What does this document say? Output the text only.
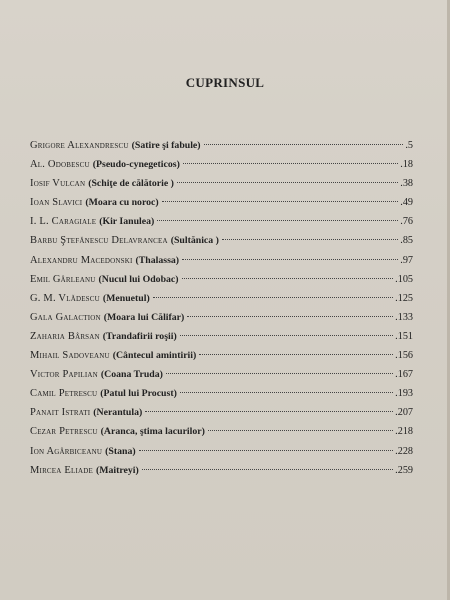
CUPRINSUL
Grigore Alexandrescu (Satire şi fabule)	.5
Al. Odobescu (Pseudo-cynegeticos)	.18
Iosif Vulcan (Schiţe de călătorie )	.38
Ioan Slavici (Moara cu noroc)	.49
I. L. Caragiale (Kir Ianulea)	.76
Barbu Ştefănescu Delavrancea (Sultănica )	.85
Alexandru Macedonski (Thalassa)	.97
Emil Gârleanu (Nucul lui Odobac)	.105
G. M. Vlădescu (Menuetul)	.125
Gala Galaction (Moara lui Călifar)	.133
Zaharia Bârsan (Trandafirii roşii)	.151
Mihail Sadoveanu (Cântecul amintirii)	.156
Victor Papilian (Coana Truda)	.167
Camil Petrescu (Patul lui Procust)	.193
Panait Istrati (Nerantula)	.207
Cezar Petrescu (Aranca, ştima lacurilor)	.218
Ion Agârbiceanu (Stana)	.228
Mircea Eliade (Maitreyi)	.259
